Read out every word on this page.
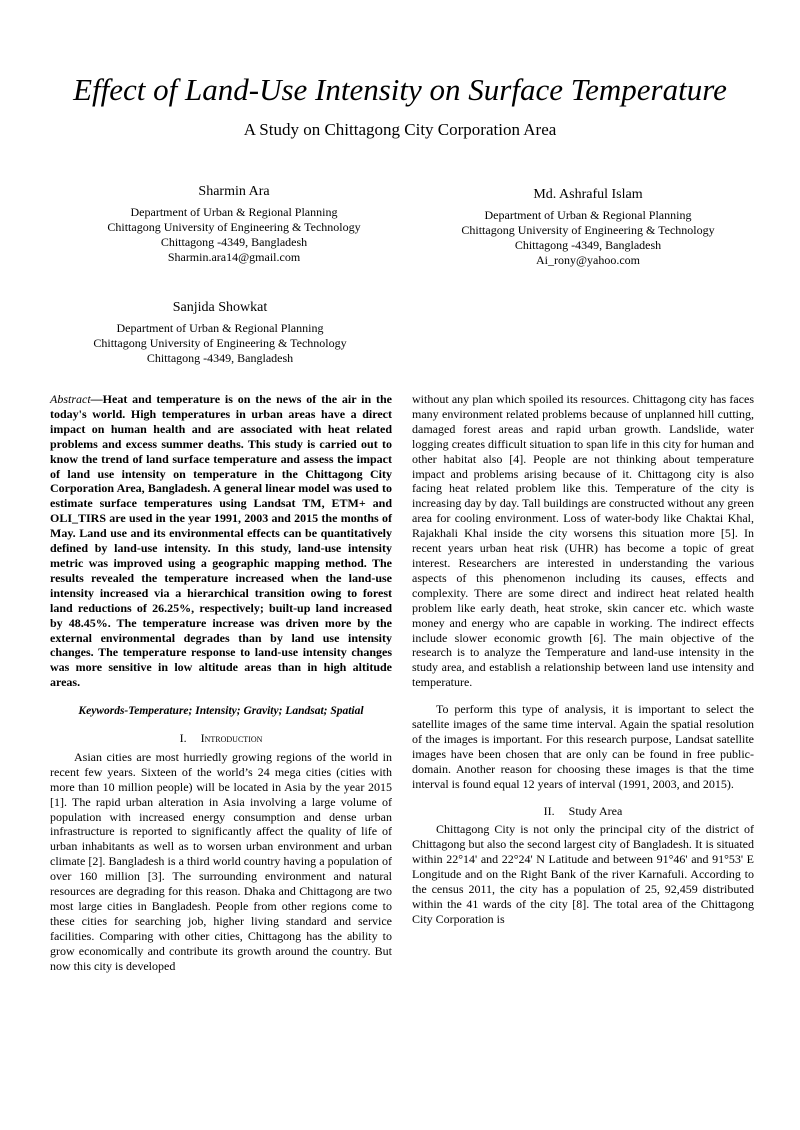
Effect of Land-Use Intensity on Surface Temperature
A Study on Chittagong City Corporation Area
Sharmin Ara
Department of Urban & Regional Planning
Chittagong University of Engineering & Technology
Chittagong -4349, Bangladesh
Sharmin.ara14@gmail.com
Md. Ashraful Islam
Department of Urban & Regional Planning
Chittagong University of Engineering & Technology
Chittagong -4349, Bangladesh
Ai_rony@yahoo.com
Sanjida Showkat
Department of Urban & Regional Planning
Chittagong University of Engineering & Technology
Chittagong -4349, Bangladesh

Abstract—Heat and temperature is on the news of the air in the today's world. High temperatures in urban areas have a direct impact on human health and are associated with heat related problems and excess summer deaths. This study is carried out to know the trend of land surface temperature and assess the impact of land use intensity on temperature in the Chittagong City Corporation Area, Bangladesh. A general linear model was used to estimate surface temperatures using Landsat TM, ETM+ and OLI_TIRS are used in the year 1991, 2003 and 2015 the months of May. Land use and its environmental effects can be quantitatively defined by land-use intensity. In this study, land-use intensity metric was improved using a geographic mapping method. The results revealed the temperature increased when the land-use intensity increased via a hierarchical transition owing to forest land reductions of 26.25%, respectively; built-up land increased by 48.45%. The temperature increase was driven more by the external environmental degrades than by land use intensity changes. The temperature response to land-use intensity changes was more sensitive in low altitude areas than in high altitude areas.

Keywords-Temperature; Intensity; Gravity; Landsat; Spatial

I. Introduction

Asian cities are most hurriedly growing regions of the world in recent few years. Sixteen of the world’s 24 mega cities (cities with more than 10 million people) will be located in Asia by the year 2015 [1]. The rapid urban alteration in Asia involving a large volume of population with increased energy consumption and dense urban infrastructure is reported to significantly affect the quality of life of urban inhabitants as well as to worsen urban environment and urban climate [2]. Bangladesh is a third world country having a population of over 160 million [3]. The surrounding environment and natural resources are degrading for this reason. Dhaka and Chittagong are two most large cities in Bangladesh. People from other regions come to these cities for searching job, higher living standard and service facilities. Comparing with other cities, Chittagong has the ability to grow economically and contribute its growth around the country. But now this city is developed

without any plan which spoiled its resources. Chittagong city has faces many environment related problems because of unplanned hill cutting, damaged forest areas and rapid urban growth. Landslide, water logging creates difficult situation to span life in this city for human and other habitat also [4]. People are not thinking about temperature impact and problems arising because of it. Chittagong city is also facing heat related problem like this. Temperature of the city is increasing day by day. Tall buildings are constructed without any green area for cooling environment. Loss of water-body like Chaktai Khal, Rajakhali Khal inside the city worsens this situation more [5]. In recent years urban heat risk (UHR) has become a topic of great interest. Researchers are interested in understanding the various aspects of this phenomenon including its causes, effects and complexity. There are some direct and indirect heat related health problem like early death, heat stroke, skin cancer etc. which waste money and energy who are capable in working. The indirect effects include slower economic growth [6]. The main objective of the research is to analyze the Temperature and land-use intensity in the study area, and establish a relationship between land use intensity and temperature.

To perform this type of analysis, it is important to select the satellite images of the same time interval. Again the spatial resolution of the images is important. For this research purpose, Landsat satellite images have been chosen that are only can be found in free public-domain. Another reason for choosing these images is that the time interval is found equal 12 years of interval (1991, 2003, and 2015).

II. Study Area

Chittagong City is not only the principal city of the district of Chittagong but also the second largest city of Bangladesh. It is situated within 22°14' and 22°24' N Latitude and between 91°46' and 91°53' E Longitude and on the Right Bank of the river Karnafuli. According to the census 2011, the city has a population of 25, 92,459 distributed within the 41 wards of the city [8]. The total area of the Chittagong City Corporation is
